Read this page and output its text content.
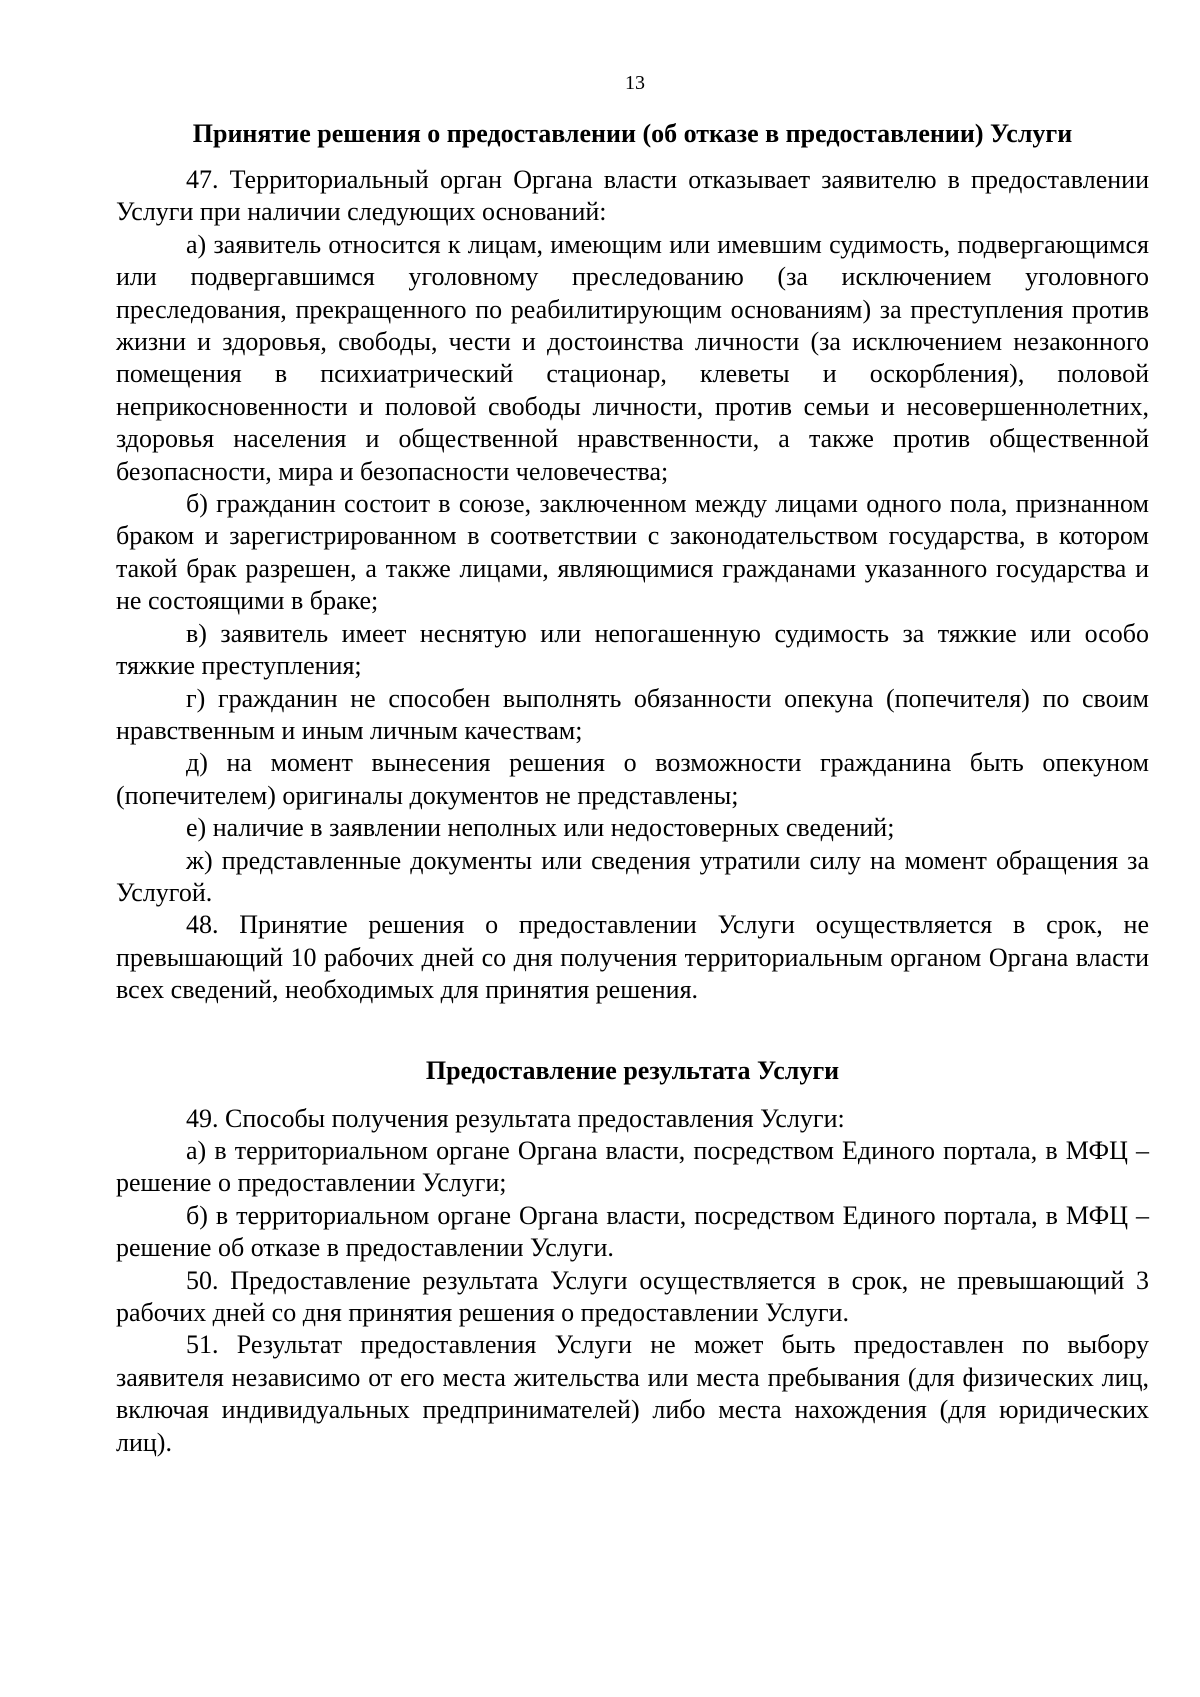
13
Принятие решения о предоставлении (об отказе в предоставлении) Услуги

47. Территориальный орган Органа власти отказывает заявителю в предоставлении Услуги при наличии следующих оснований:

а) заявитель относится к лицам, имеющим или имевшим судимость, подвергающимся или подвергавшимся уголовному преследованию (за исключением уголовного преследования, прекращенного по реабилитирующим основаниям) за преступления против жизни и здоровья, свободы, чести и достоинства личности (за исключением незаконного помещения в психиатрический стационар, клеветы и оскорбления), половой неприкосновенности и половой свободы личности, против семьи и несовершеннолетних, здоровья населения и общественной нравственности, а также против общественной безопасности, мира и безопасности человечества;

б) гражданин состоит в союзе, заключенном между лицами одного пола, признанном браком и зарегистрированном в соответствии с законодательством государства, в котором такой брак разрешен, а также лицами, являющимися гражданами указанного государства и не состоящими в браке;

в) заявитель имеет неснятую или непогашенную судимость за тяжкие или особо тяжкие преступления;

г) гражданин не способен выполнять обязанности опекуна (попечителя) по своим нравственным и иным личным качествам;

д) на момент вынесения решения о возможности гражданина быть опекуном (попечителем) оригиналы документов не представлены;

е) наличие в заявлении неполных или недостоверных сведений;

ж) представленные документы или сведения утратили силу на момент обращения за Услугой.

48. Принятие решения о предоставлении Услуги осуществляется в срок, не превышающий 10 рабочих дней со дня получения территориальным органом Органа власти всех сведений, необходимых для принятия решения.

Предоставление результата Услуги

49. Способы получения результата предоставления Услуги:

а) в территориальном органе Органа власти, посредством Единого портала, в МФЦ – решение о предоставлении Услуги;

б) в территориальном органе Органа власти, посредством Единого портала, в МФЦ – решение об отказе в предоставлении Услуги.

50. Предоставление результата Услуги осуществляется в срок, не превышающий 3 рабочих дней со дня принятия решения о предоставлении Услуги.

51. Результат предоставления Услуги не может быть предоставлен по выбору заявителя независимо от его места жительства или места пребывания (для физических лиц, включая индивидуальных предпринимателей) либо места нахождения (для юридических лиц).
